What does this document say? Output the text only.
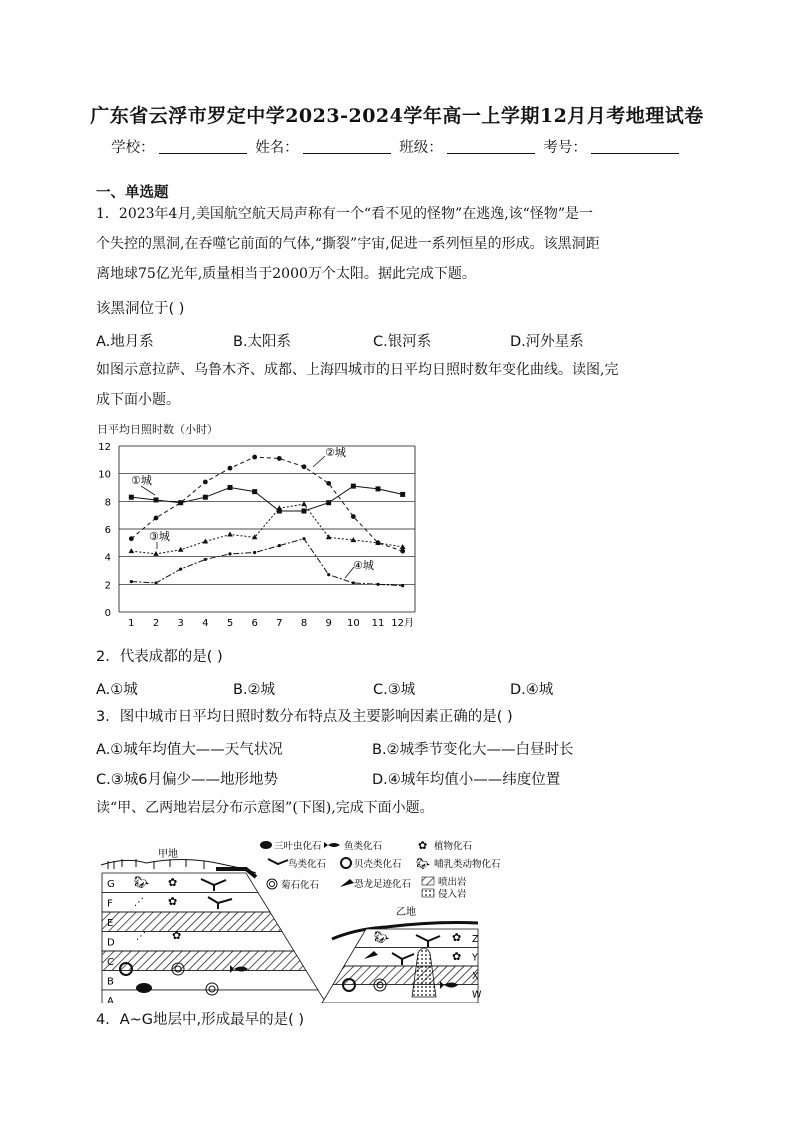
广东省云浮市罗定中学2023-2024学年高一上学期12月月考地理试卷
学校：	姓名：	班级：	考号：
一、单选题
1．2023年4月,美国航空航天局声称有一个“看不见的怪物”在逃逸,该“怪物”是一
个失控的黑洞,在吞噬它前面的气体,“撕裂”宇宙,促进一系列恒星的形成。该黑洞距
离地球75亿光年,质量相当于2000万个太阳。据此完成下题。
该黑洞位于( )
A.地月系	B.太阳系	C.银河系	D.河外星系
如图示意拉萨、乌鲁木齐、成都、上海四城市的日平均日照时数年变化曲线。读图,完
成下面小题。
日平均日照时数（小时）
0
2
4
6
8
10
12
1 2 3 4 5 6 7 8 9 10 11 12月
①城
②城
③城
④城
2．代表成都的是( )
A.①城	B.②城	C.③城	D.④城
3．图中城市日平均日照时数分布特点及主要影响因素正确的是( )
A.①城年均值大——天气状况	B.②城季节变化大——白昼时长
C.③城6月偏少——地形地势	D.④城年均值小——纬度位置
读“甲、乙两地岩层分布示意图”(下图),完成下面小题。
甲地
G
F
E
D
C
B
A
🐎︎ ✿
⋰ ✿
⋰ ✿
三叶虫化石 鱼类化石	✿ 植物化石
鸟类化石	贝壳类化石 🐎︎ 哺乳类动物化石
菊石化石	恐龙足迹化石	喷出岩
侵入岩
乙地
Z
Y
X
W
🐎︎	✿
✿
4．A~G地层中,形成最早的是( )
